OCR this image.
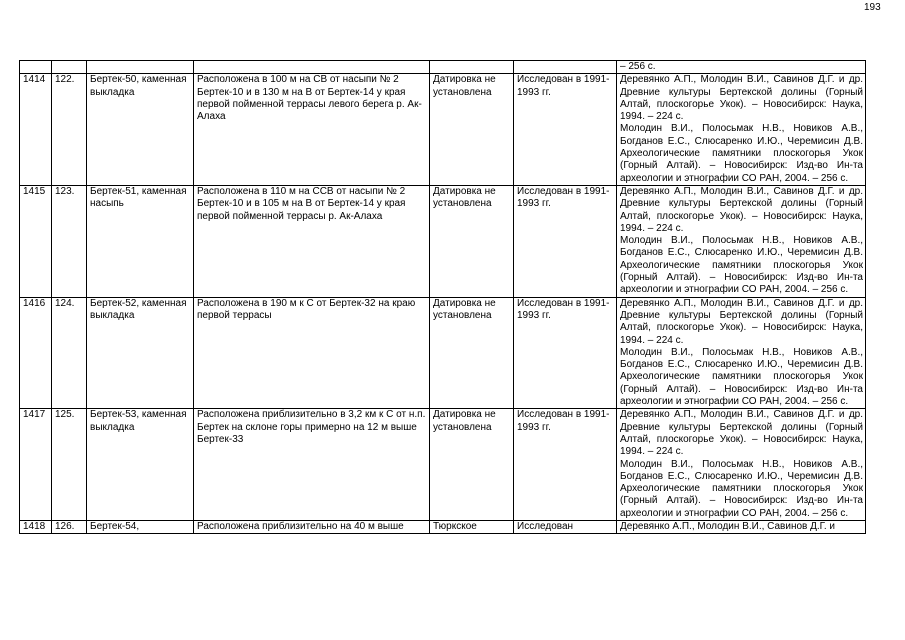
193
						– 256 с.
1414	122.	Бертек-50, каменная выкладка	Расположена в 100 м на СВ от насыпи № 2 Бертек-10 и в 130 м на В от Бертек-14 у края первой пойменной террасы левого берега р. Ак-Алаха	Датировка не установлена	Исследован в 1991-1993 гг.	Деревянко А.П., Молодин В.И., Савинов Д.Г. и др. Древние культуры Бертекской долины (Горный Алтай, плоскогорье Укок). – Новосибирск: Наука, 1994. – 224 с.
Молодин В.И., Полосьмак Н.В., Новиков А.В., Богданов Е.С., Слюсаренко И.Ю., Черемисин Д.В. Археологические памятники плоскогорья Укок (Горный Алтай). – Новосибирск: Изд-во Ин-та археологии и этнографии СО РАН, 2004. – 256 с.

1415	123.	Бертек-51, каменная насыпь	Расположена в 110 м на ССВ от насыпи № 2 Бертек-10 и в 105 м на В от Бертек-14 у края первой пойменной террасы р. Ак-Алаха	Датировка не установлена	Исследован в 1991-1993 гг.	Деревянко А.П., Молодин В.И., Савинов Д.Г. и др. Древние культуры Бертекской долины (Горный Алтай, плоскогорье Укок). – Новосибирск: Наука, 1994. – 224 с.
Молодин В.И., Полосьмак Н.В., Новиков А.В., Богданов Е.С., Слюсаренко И.Ю., Черемисин Д.В. Археологические памятники плоскогорья Укок (Горный Алтай). – Новосибирск: Изд-во Ин-та археологии и этнографии СО РАН, 2004. – 256 с.

1416	124.	Бертек-52, каменная выкладка	Расположена в 190 м к С от Бертек-32 на краю первой террасы	Датировка не установлена	Исследован в 1991-1993 гг.	Деревянко А.П., Молодин В.И., Савинов Д.Г. и др. Древние культуры Бертекской долины (Горный Алтай, плоскогорье Укок). – Новосибирск: Наука, 1994. – 224 с.
Молодин В.И., Полосьмак Н.В., Новиков А.В., Богданов Е.С., Слюсаренко И.Ю., Черемисин Д.В. Археологические памятники плоскогорья Укок (Горный Алтай). – Новосибирск: Изд-во Ин-та археологии и этнографии СО РАН, 2004. – 256 с.

1417	125.	Бертек-53, каменная выкладка	Расположена приблизительно в 3,2 км к С от н.п. Бертек на склоне горы примерно на 12 м выше Бертек-33	Датировка не установлена	Исследован в 1991-1993 гг.	Деревянко А.П., Молодин В.И., Савинов Д.Г. и др. Древние культуры Бертекской долины (Горный Алтай, плоскогорье Укок). – Новосибирск: Наука, 1994. – 224 с.
Молодин В.И., Полосьмак Н.В., Новиков А.В., Богданов Е.С., Слюсаренко И.Ю., Черемисин Д.В. Археологические памятники плоскогорья Укок (Горный Алтай). – Новосибирск: Изд-во Ин-та археологии и этнографии СО РАН, 2004. – 256 с.

1418	126.	Бертек-54,	Расположена приблизительно на 40 м выше	Тюркское	Исследован	Деревянко А.П., Молодин В.И., Савинов Д.Г. и
